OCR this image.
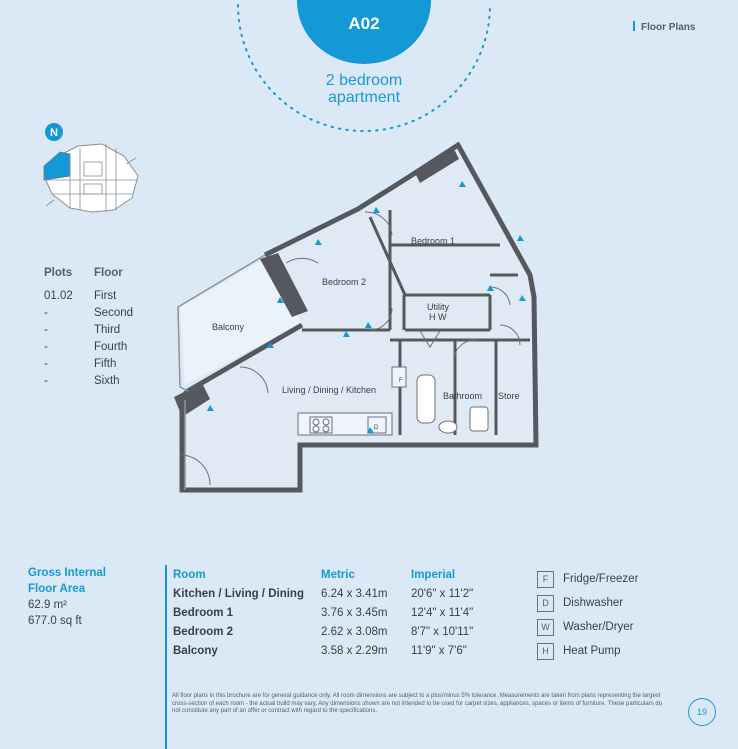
A02
2 bedroom
apartment
Floor Plans
N
Plots	Floor
01.02	First
-	Second
-	Third
-	Fourth
-	Fifth
-	Sixth
Bedroom 1
Bedroom 2
Utility
H W
Balcony
Living / Dining / Kitchen
Bathroom Store
F
D
Gross Internal
Floor Area
62.9 m²
677.0 sq ft
Room	Metric	Imperial
Kitchen / Living / Dining	6.24 x 3.41m	20'6" x 11'2"
Bedroom 1	3.76 x 3.45m	12'4" x 11'4"
Bedroom 2	2.62 x 3.08m	8'7" x 10'11"
Balcony	3.58 x 2.29m	11'9" x 7'6"
F	Fridge/Freezer
D	Dishwasher
W	Washer/Dryer
H	Heat Pump
All floor plans in this brochure are for general guidance only. All room dimensions are subject to a plus/minus 5% tolerance. Measurements are taken from plans representing the largest cross-section of each room - the actual build may vary. Any dimensions shown are not intended to be used for carpet sizes, appliances, spaces or items of furniture. These particulars do not constitute any part of an offer or contract with regard to the specifications.	19
